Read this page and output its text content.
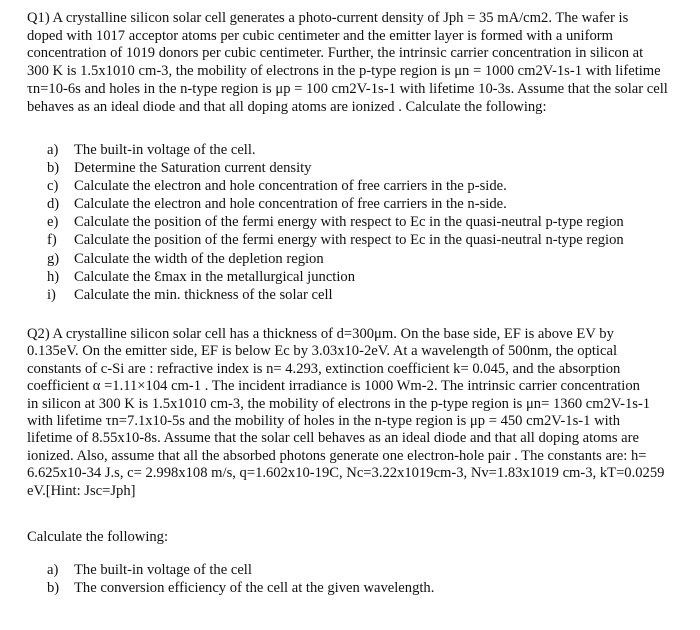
Q1) A crystalline silicon solar cell generates a photo-current density of Jph = 35 mA/cm2. The wafer is
doped with 1017 acceptor atoms per cubic centimeter and the emitter layer is formed with a uniform
concentration of 1019 donors per cubic centimeter. Further, the intrinsic carrier concentration in silicon at
300 K is 1.5x1010 cm-3, the mobility of electrons in the p-type region is μn = 1000 cm2V-1s-1 with lifetime
τn=10-6s and holes in the n-type region is μp = 100 cm2V-1s-1 with lifetime 10-3s. Assume that the solar cell
behaves as an ideal diode and that all doping atoms are ionized . Calculate the following:
a) The built-in voltage of the cell.
b) Determine the Saturation current density
c) Calculate the electron and hole concentration of free carriers in the p-side.
d) Calculate the electron and hole concentration of free carriers in the n-side.
e) Calculate the position of the fermi energy with respect to Ec in the quasi-neutral p-type region
f) Calculate the position of the fermi energy with respect to Ec in the quasi-neutral n-type region
g) Calculate the width of the depletion region
h) Calculate the Ɛmax in the metallurgical junction
i) Calculate the min. thickness of the solar cell
Q2) A crystalline silicon solar cell has a thickness of d=300μm. On the base side, EF is above EV by
0.135eV. On the emitter side, EF is below Ec by 3.03x10-2eV. At a wavelength of 500nm, the optical
constants of c-Si are : refractive index is n= 4.293, extinction coefficient k= 0.045, and the absorption
coefficient α =1.11×104 cm-1 . The incident irradiance is 1000 Wm-2. The intrinsic carrier concentration
in silicon at 300 K is 1.5x1010 cm-3, the mobility of electrons in the p-type region is μn= 1360 cm2V-1s-1
with lifetime τn=7.1x10-5s and the mobility of holes in the n-type region is μp = 450 cm2V-1s-1 with
lifetime of 8.55x10-8s. Assume that the solar cell behaves as an ideal diode and that all doping atoms are
ionized. Also, assume that all the absorbed photons generate one electron-hole pair . The constants are: h=
6.625x10-34 J.s, c= 2.998x108 m/s, q=1.602x10-19C, Nc=3.22x1019cm-3, Nv=1.83x1019 cm-3, kT=0.0259
eV.[Hint: Jsc=Jph]
Calculate the following:
a) The built-in voltage of the cell
b) The conversion efficiency of the cell at the given wavelength.
